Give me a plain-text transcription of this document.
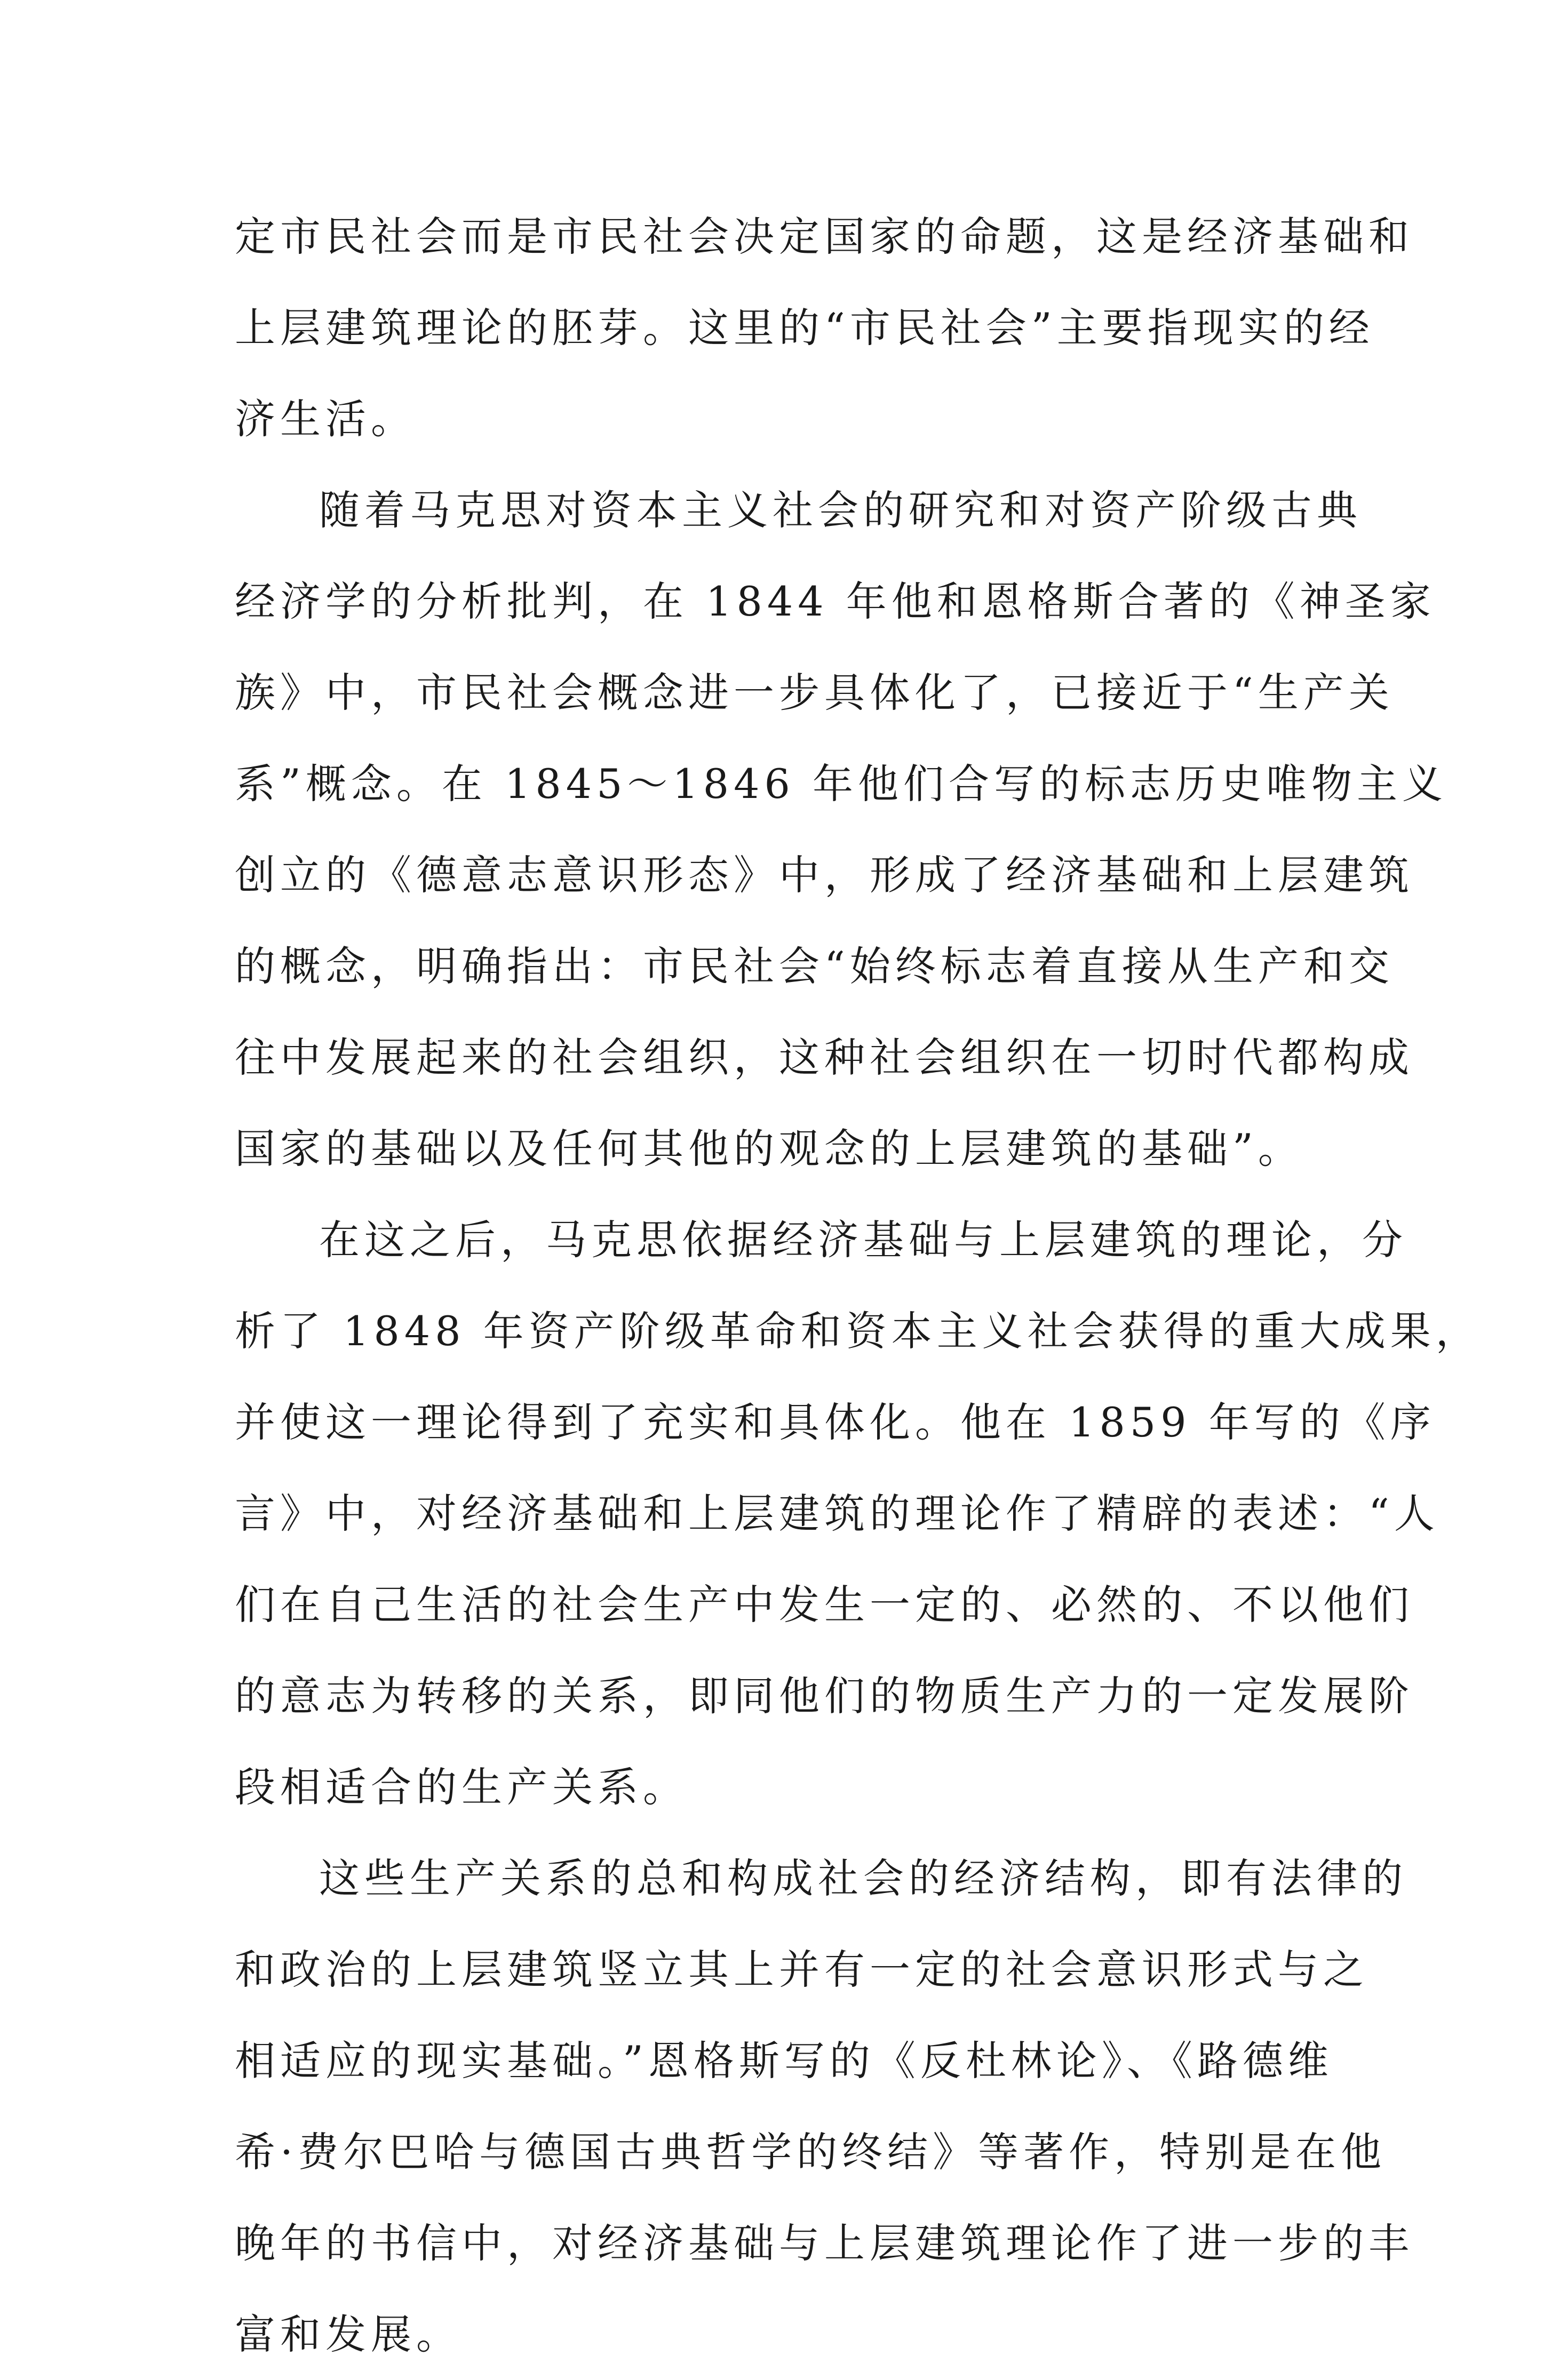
定市民社会而是市民社会决定国家的命题，这是经济基础和
上层建筑理论的胚芽。这里的“市民社会”主要指现实的经
济生活。
随着马克思对资本主义社会的研究和对资产阶级古典
经济学的分析批判，在 1844 年他和恩格斯合著的《神圣家
族》中，市民社会概念进一步具体化了，已接近于“生产关
系”概念。在 1845～1846 年他们合写的标志历史唯物主义
创立的《德意志意识形态》中，形成了经济基础和上层建筑
的概念，明确指出：市民社会“始终标志着直接从生产和交
往中发展起来的社会组织，这种社会组织在一切时代都构成
国家的基础以及任何其他的观念的上层建筑的基础”。
在这之后，马克思依据经济基础与上层建筑的理论，分
析了 1848 年资产阶级革命和资本主义社会获得的重大成果，
并使这一理论得到了充实和具体化。他在 1859 年写的《序
言》中，对经济基础和上层建筑的理论作了精辟的表述：“人
们在自己生活的社会生产中发生一定的、必然的、不以他们
的意志为转移的关系，即同他们的物质生产力的一定发展阶
段相适合的生产关系。
这些生产关系的总和构成社会的经济结构，即有法律的
和政治的上层建筑竖立其上并有一定的社会意识形式与之
相适应的现实基础。”恩格斯写的《反杜林论》、《路德维
希·费尔巴哈与德国古典哲学的终结》等著作，特别是在他
晚年的书信中，对经济基础与上层建筑理论作了进一步的丰
富和发展。
